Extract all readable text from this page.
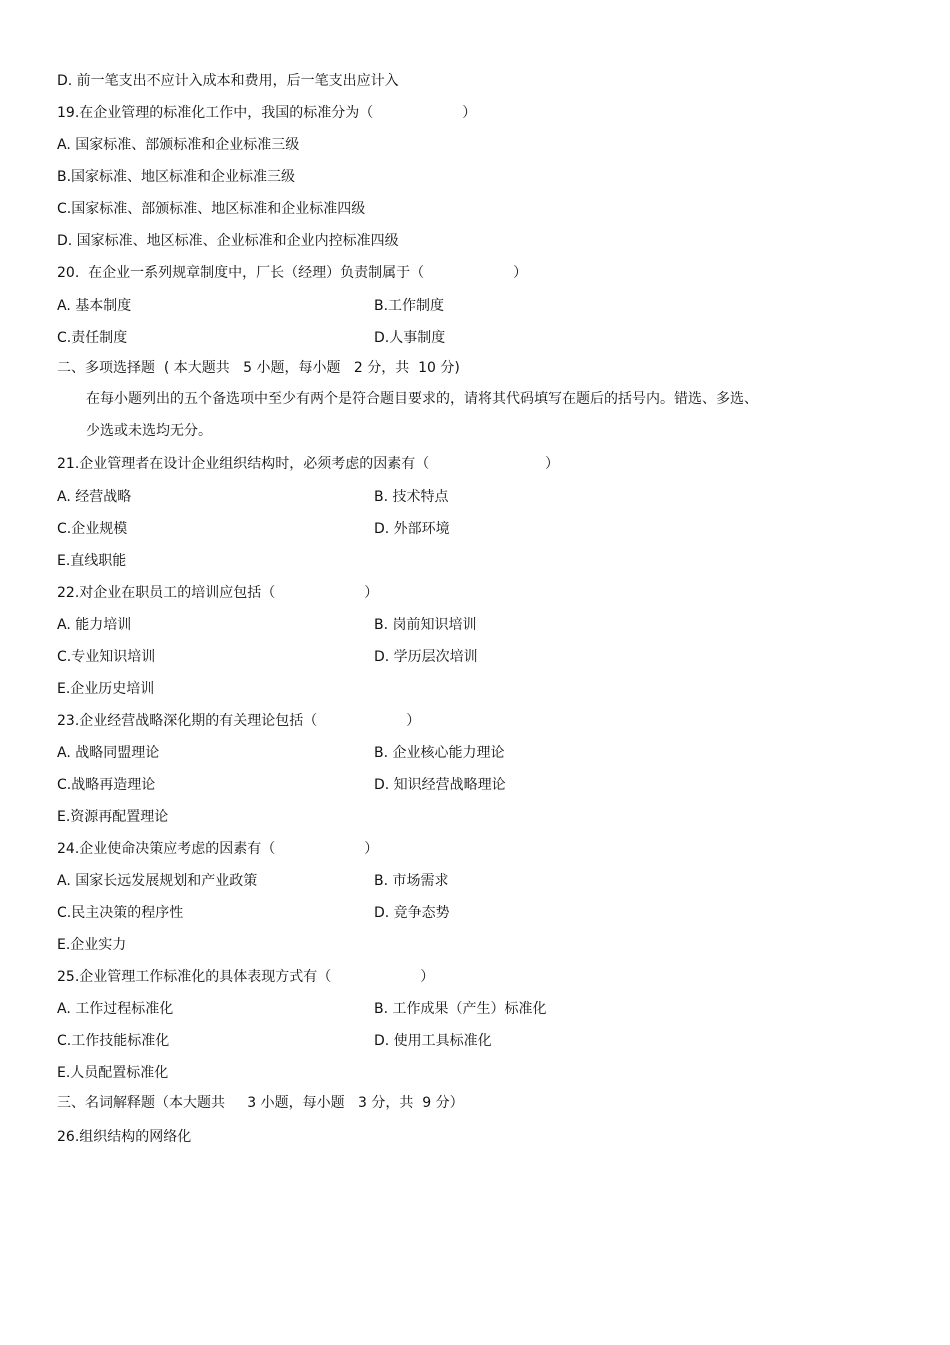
D. 前一笔支出不应计入成本和费用，后一笔支出应计入
19.在企业管理的标准化工作中，我国的标准分为（                    ）
A. 国家标准、部颁标准和企业标准三级
B.国家标准、地区标准和企业标准三级
C.国家标准、部颁标准、地区标准和企业标准四级
D. 国家标准、地区标准、企业标准和企业内控标准四级
20.  在企业一系列规章制度中，厂长（经理）负责制属于（                    ）
A. 基本制度	B.工作制度
C.责任制度	D.人事制度
二、多项选择题  ( 本大题共   5 小题，每小题   2 分，共  10 分)
在每小题列出的五个备选项中至少有两个是符合题目要求的，请将其代码填写在题后的括号内。错选、多选、
少选或未选均无分。
21.企业管理者在设计企业组织结构时，必须考虑的因素有（                          ）
A. 经营战略	B. 技术特点
C.企业规模	D. 外部环境
E.直线职能
22.对企业在职员工的培训应包括（                    ）
A. 能力培训	B. 岗前知识培训
C.专业知识培训	D. 学历层次培训
E.企业历史培训
23.企业经营战略深化期的有关理论包括（                    ）
A. 战略同盟理论	B. 企业核心能力理论
C.战略再造理论	D. 知识经营战略理论
E.资源再配置理论
24.企业使命决策应考虑的因素有（                    ）
A. 国家长远发展规划和产业政策	B. 市场需求
C.民主决策的程序性	D. 竞争态势
E.企业实力
25.企业管理工作标准化的具体表现方式有（                    ）
A. 工作过程标准化	B. 工作成果（产生）标准化
C.工作技能标准化	D. 使用工具标准化
E.人员配置标准化
三、名词解释题（本大题共     3 小题，每小题   3 分，共  9 分）
26.组织结构的网络化
